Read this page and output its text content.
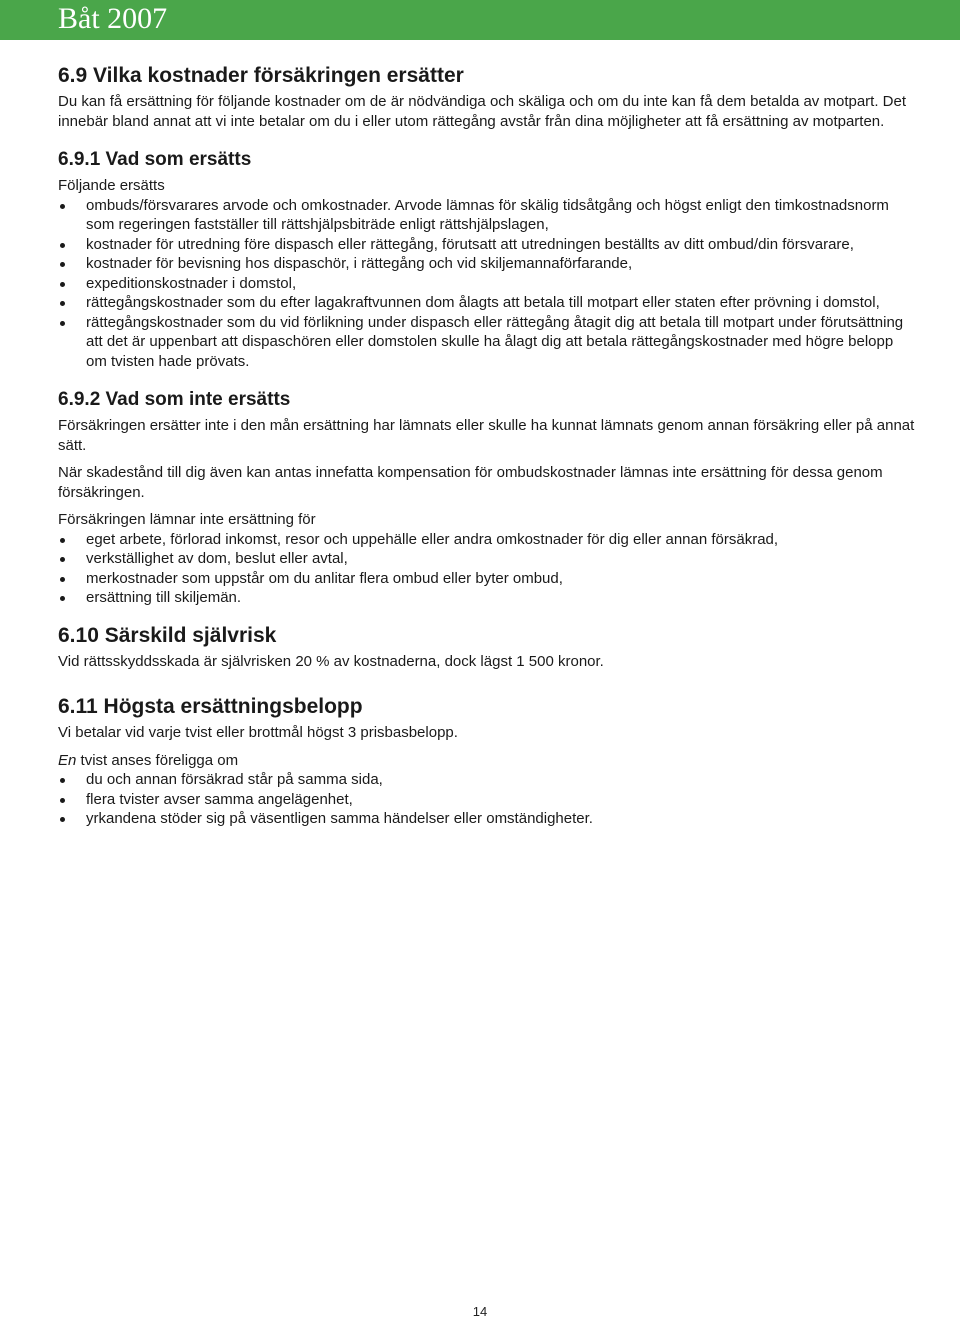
Båt 2007
6.9 Vilka kostnader försäkringen ersätter

Du kan få ersättning för följande kostnader om de är nödvändiga och skäliga och om du inte kan få dem betalda av motpart. Det innebär bland annat att vi inte betalar om du i eller utom rättegång avstår från dina möjligheter att få ersättning av motparten.

6.9.1 Vad som ersätts

Följande ersätts

ombuds/försvarares arvode och omkostnader. Arvode lämnas för skälig tidsåtgång och högst enligt den timkostnadsnorm som regeringen fastställer till rättshjälpsbiträde enligt rättshjälpslagen,
kostnader för utredning före dispasch eller rättegång, förutsatt att utredningen beställts av ditt ombud/din försvarare,
kostnader för bevisning hos dispaschör, i rättegång och vid skiljemannaförfarande,
expeditionskostnader i domstol,
rättegångskostnader som du efter lagakraftvunnen dom ålagts att betala till motpart eller staten efter prövning i domstol,
rättegångskostnader som du vid förlikning under dispasch eller rättegång åtagit dig att betala till motpart under förutsättning att det är uppenbart att dispaschören eller domstolen skulle ha ålagt dig att betala rättegångskostnader med högre belopp om tvisten hade prövats.
6.9.2 Vad som inte ersätts

Försäkringen ersätter inte i den mån ersättning har lämnats eller skulle ha kunnat lämnats genom annan försäkring eller på annat sätt.

När skadestånd till dig även kan antas innefatta kompensation för ombudskostnader lämnas inte ersättning för dessa genom försäkringen.

Försäkringen lämnar inte ersättning för

eget arbete, förlorad inkomst, resor och uppehälle eller andra omkostnader för dig eller annan försäkrad,
verkställighet av dom, beslut eller avtal,
merkostnader som uppstår om du anlitar flera ombud eller byter ombud,
ersättning till skiljemän.
6.10 Särskild självrisk

Vid rättsskyddsskada är självrisken 20 % av kostnaderna, dock lägst 1 500 kronor.

6.11 Högsta ersättningsbelopp

Vi betalar vid varje tvist eller brottmål högst 3 prisbasbelopp.

En tvist anses föreligga om

du och annan försäkrad står på samma sida,
flera tvister avser samma angelägenhet,
yrkandena stöder sig på väsentligen samma händelser eller omständigheter.
14
